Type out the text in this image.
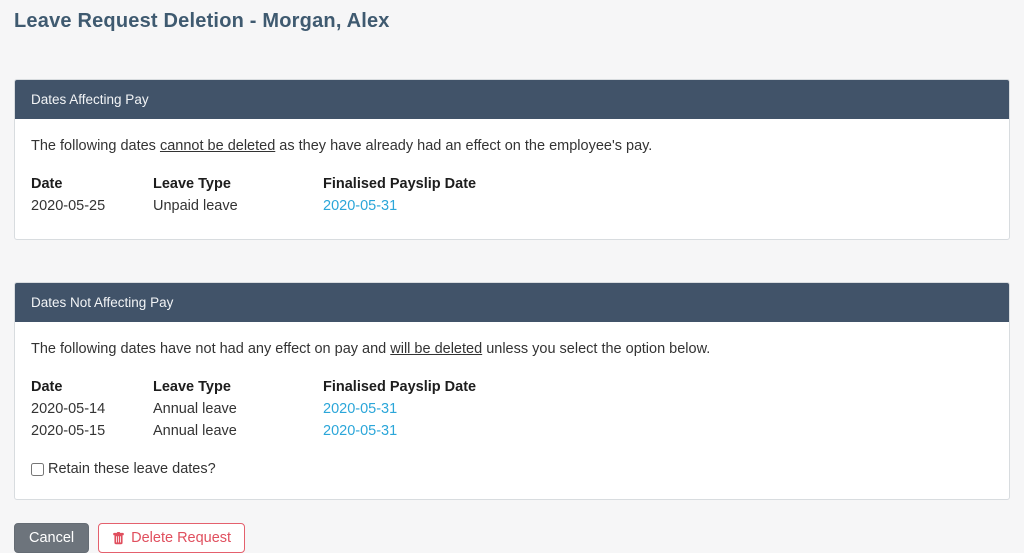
Leave Request Deletion - Morgan, Alex
Dates Affecting Pay

The following dates cannot be deleted as they have already had an effect on the employee's pay.

Date	Leave Type	Finalised Payslip Date
2020-05-25	Unpaid leave	2020-05-31
Dates Not Affecting Pay

The following dates have not had any effect on pay and will be deleted unless you select the option below.

Date	Leave Type	Finalised Payslip Date
2020-05-14	Annual leave	2020-05-31
2020-05-15	Annual leave	2020-05-31
Retain these leave dates?
Cancel	Delete Request
